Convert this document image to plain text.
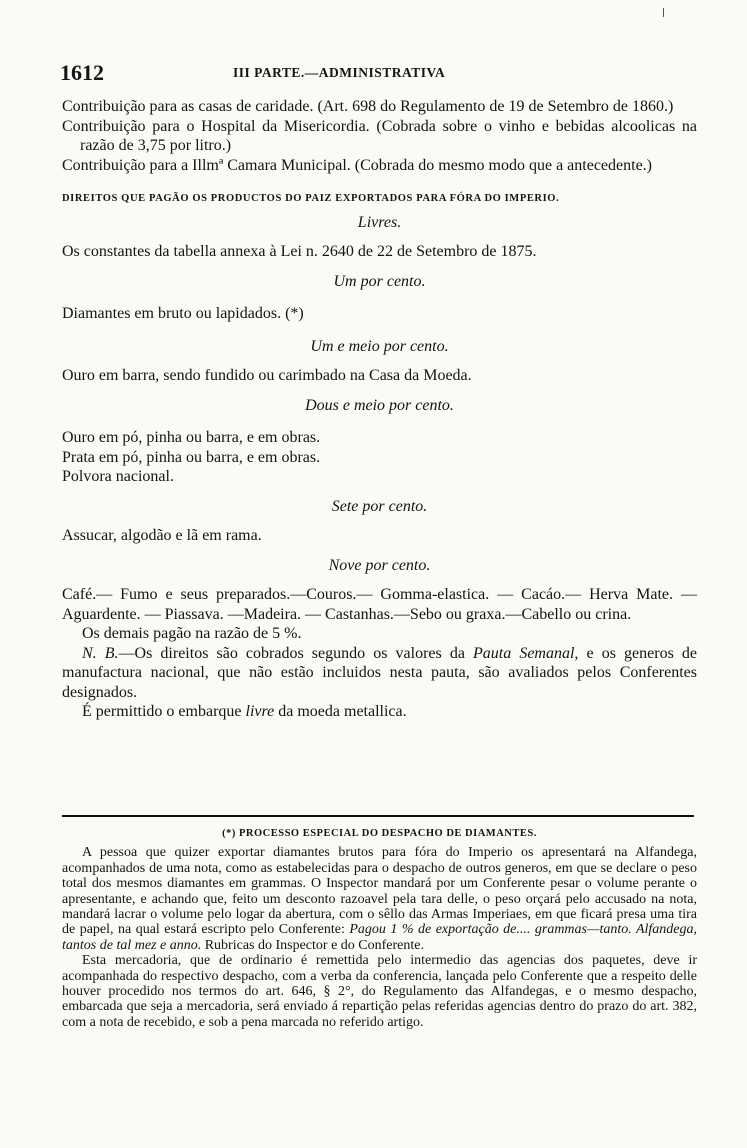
1612	III PARTE.—ADMINISTRATIVA

Contribuição para as casas de caridade. (Art. 698 do Regulamento de 19 de Setembro de 1860.)

Contribuição para o Hospital da Misericordia. (Cobrada sobre o vinho e bebidas alcoolicas na razão de 3,75 por litro.)

Contribuição para a Illmª Camara Municipal. (Cobrada do mesmo modo que a antecedente.)

DIREITOS QUE PAGÃO OS PRODUCTOS DO PAIZ EXPORTADOS PARA FÓRA DO IMPERIO.

Livres.

Os constantes da tabella annexa à Lei n. 2640 de 22 de Setembro de 1875.

Um por cento.

Diamantes em bruto ou lapidados. (*)

Um e meio por cento.

Ouro em barra, sendo fundido ou carimbado na Casa da Moeda.

Dous e meio por cento.

Ouro em pó, pinha ou barra, e em obras.

Prata em pó, pinha ou barra, e em obras.

Polvora nacional.

Sete por cento.

Assucar, algodão e lã em rama.

Nove por cento.

Café.— Fumo e seus preparados.—Couros.— Gomma-elastica. — Cacáo.— Herva Mate. — Aguardente. — Piassava. —Madeira. — Castanhas.—Sebo ou graxa.—Cabello ou crina.

Os demais pagão na razão de 5 %.

N. B.—Os direitos são cobrados segundo os valores da Pauta Semanal, e os generos de manufactura nacional, que não estão incluidos nesta pauta, são avaliados pelos Conferentes designados.

É permittido o embarque livre da moeda metallica.

(*) PROCESSO ESPECIAL DO DESPACHO DE DIAMANTES.

A pessoa que quizer exportar diamantes brutos para fóra do Imperio os apresentará na Alfandega, acompanhados de uma nota, como as estabelecidas para o despacho de outros generos, em que se declare o peso total dos mesmos diamantes em grammas. O Inspector mandará por um Conferente pesar o volume perante o apresentante, e achando que, feito um desconto razoavel pela tara delle, o peso orçará pelo accusado na nota, mandará lacrar o volume pelo logar da abertura, com o sêllo das Armas Imperiaes, em que ficará presa uma tira de papel, na qual estará escripto pelo Conferente: Pagou 1 % de exportação de.... grammas—tanto. Alfandega, tantos de tal mez e anno. Rubricas do Inspector e do Conferente.

Esta mercadoria, que de ordinario é remettida pelo intermedio das agencias dos paquetes, deve ir acompanhada do respectivo despacho, com a verba da conferencia, lançada pelo Conferente que a respeito delle houver procedido nos termos do art. 646, § 2°, do Regulamento das Alfandegas, e o mesmo despacho, embarcada que seja a mercadoria, será enviado á repartição pelas referidas agencias dentro do prazo do art. 382, com a nota de recebido, e sob a pena marcada no referido artigo.
